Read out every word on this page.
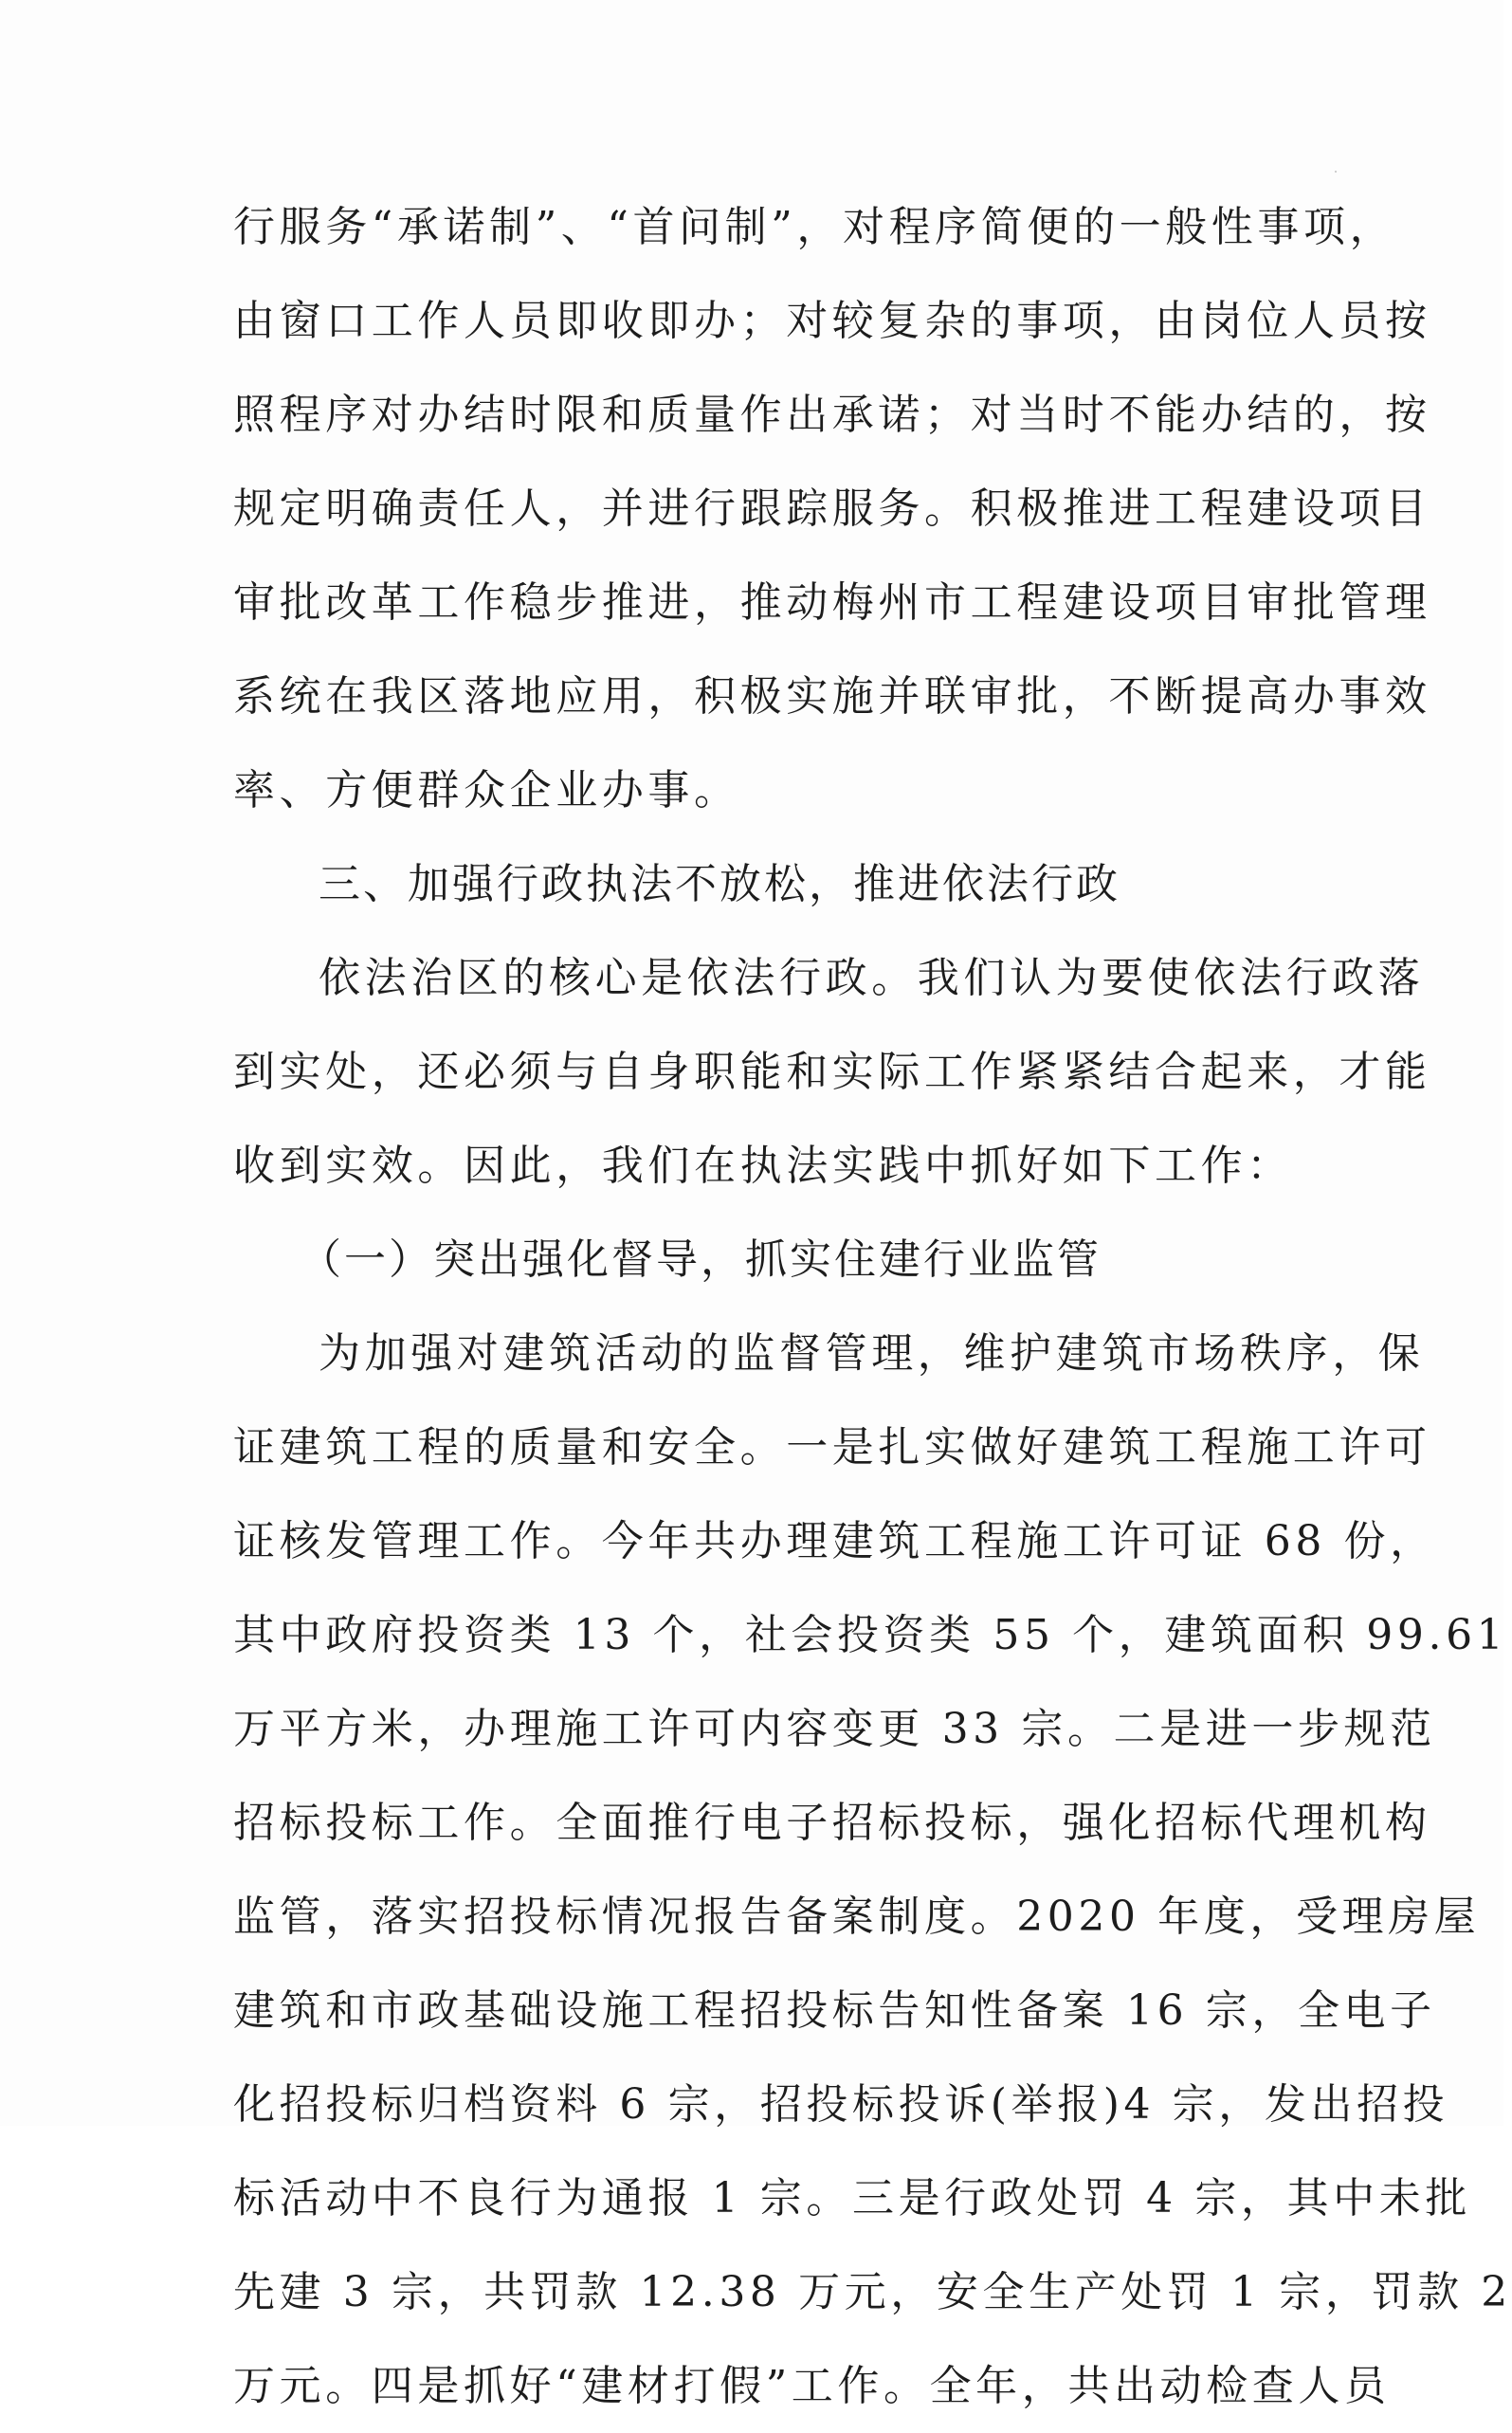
行服务“承诺制”、“首问制”，对程序简便的一般性事项，
由窗口工作人员即收即办；对较复杂的事项，由岗位人员按
照程序对办结时限和质量作出承诺；对当时不能办结的，按
规定明确责任人，并进行跟踪服务。积极推进工程建设项目
审批改革工作稳步推进，推动梅州市工程建设项目审批管理
系统在我区落地应用，积极实施并联审批，不断提高办事效
率、方便群众企业办事。
三、加强行政执法不放松，推进依法行政
依法治区的核心是依法行政。我们认为要使依法行政落
到实处，还必须与自身职能和实际工作紧紧结合起来，才能
收到实效。因此，我们在执法实践中抓好如下工作：
（一）突出强化督导，抓实住建行业监管
为加强对建筑活动的监督管理，维护建筑市场秩序，保
证建筑工程的质量和安全。一是扎实做好建筑工程施工许可
证核发管理工作。今年共办理建筑工程施工许可证 68 份，
其中政府投资类 13 个，社会投资类 55 个，建筑面积 99.61
万平方米，办理施工许可内容变更 33 宗。二是进一步规范
招标投标工作。全面推行电子招标投标，强化招标代理机构
监管，落实招投标情况报告备案制度。2020 年度，受理房屋
建筑和市政基础设施工程招投标告知性备案 16 宗，全电子
化招投标归档资料 6 宗，招投标投诉(举报)4 宗，发出招投
标活动中不良行为通报 1 宗。三是行政处罚 4 宗，其中未批
先建 3 宗，共罚款 12.38 万元，安全生产处罚 1 宗，罚款 2
万元。四是抓好“建材打假”工作。全年，共出动检查人员
